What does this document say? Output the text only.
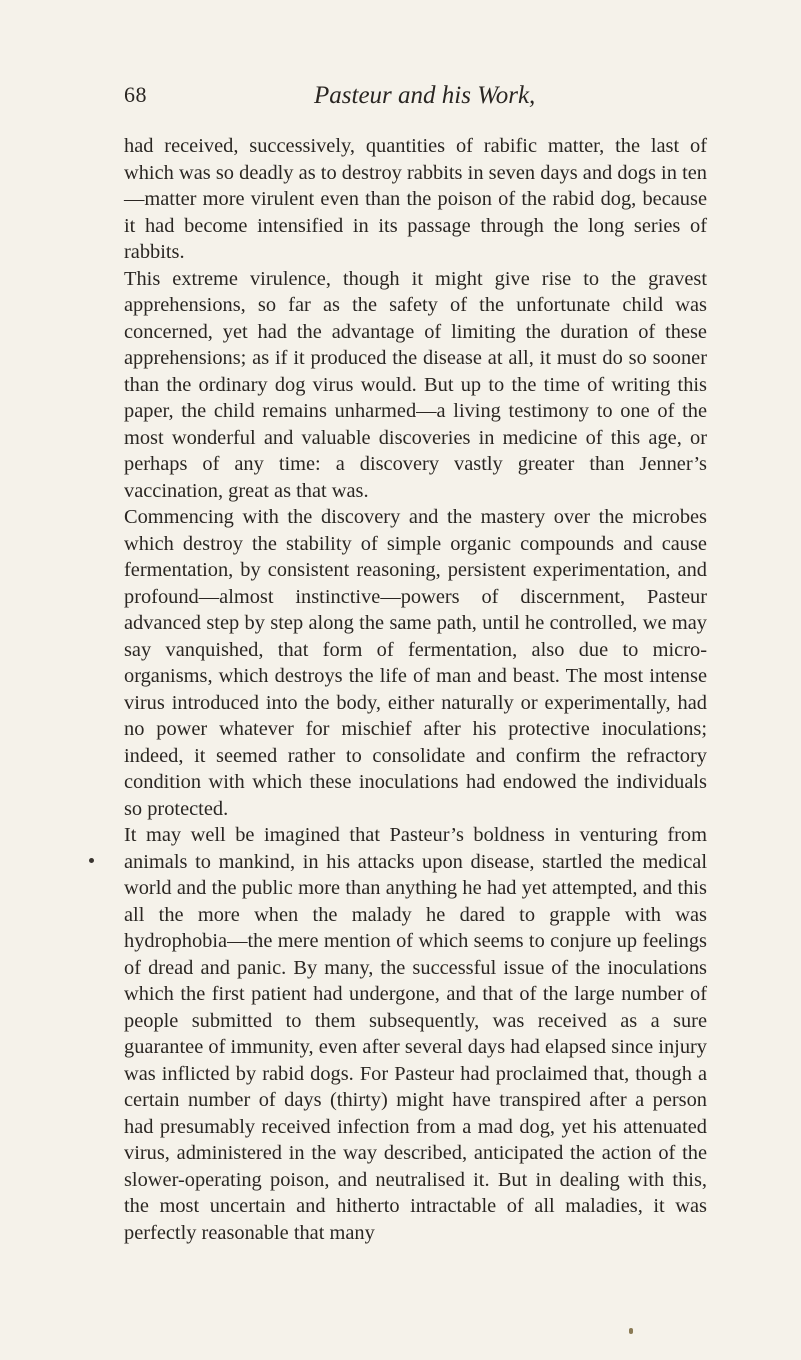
68	Pasteur and his Work,

had received, successively, quantities of rabific matter, the last of which was so deadly as to destroy rabbits in seven days and dogs in ten—matter more virulent even than the poison of the rabid dog, because it had become intensified in its passage through the long series of rabbits.

This extreme virulence, though it might give rise to the gravest apprehensions, so far as the safety of the unfortunate child was concerned, yet had the advantage of limiting the duration of these apprehensions; as if it produced the disease at all, it must do so sooner than the ordinary dog virus would. But up to the time of writing this paper, the child remains unharmed—a living testimony to one of the most wonderful and valuable discoveries in medicine of this age, or perhaps of any time: a discovery vastly greater than Jenner’s vaccination, great as that was.

Commencing with the discovery and the mastery over the microbes which destroy the stability of simple organic compounds and cause fermentation, by consistent reasoning, persistent experimentation, and profound—almost instinctive—powers of discernment, Pasteur advanced step by step along the same path, until he controlled, we may say vanquished, that form of fermentation, also due to micro-organisms, which destroys the life of man and beast. The most intense virus introduced into the body, either naturally or experimentally, had no power whatever for mischief after his protective inoculations; indeed, it seemed rather to consolidate and confirm the refractory condition with which these inoculations had endowed the individuals so protected.

It may well be imagined that Pasteur’s boldness in venturing from animals to mankind, in his attacks upon disease, startled the medical world and the public more than anything he had yet attempted, and this all the more when the malady he dared to grapple with was hydrophobia—the mere mention of which seems to conjure up feelings of dread and panic. By many, the successful issue of the inoculations which the first patient had undergone, and that of the large number of people submitted to them subsequently, was received as a sure guarantee of immunity, even after several days had elapsed since injury was inflicted by rabid dogs. For Pasteur had proclaimed that, though a certain number of days (thirty) might have transpired after a person had presumably received infection from a mad dog, yet his attenuated virus, administered in the way described, anticipated the action of the slower-operating poison, and neutralised it. But in dealing with this, the most uncertain and hitherto intractable of all maladies, it was perfectly reasonable that many
